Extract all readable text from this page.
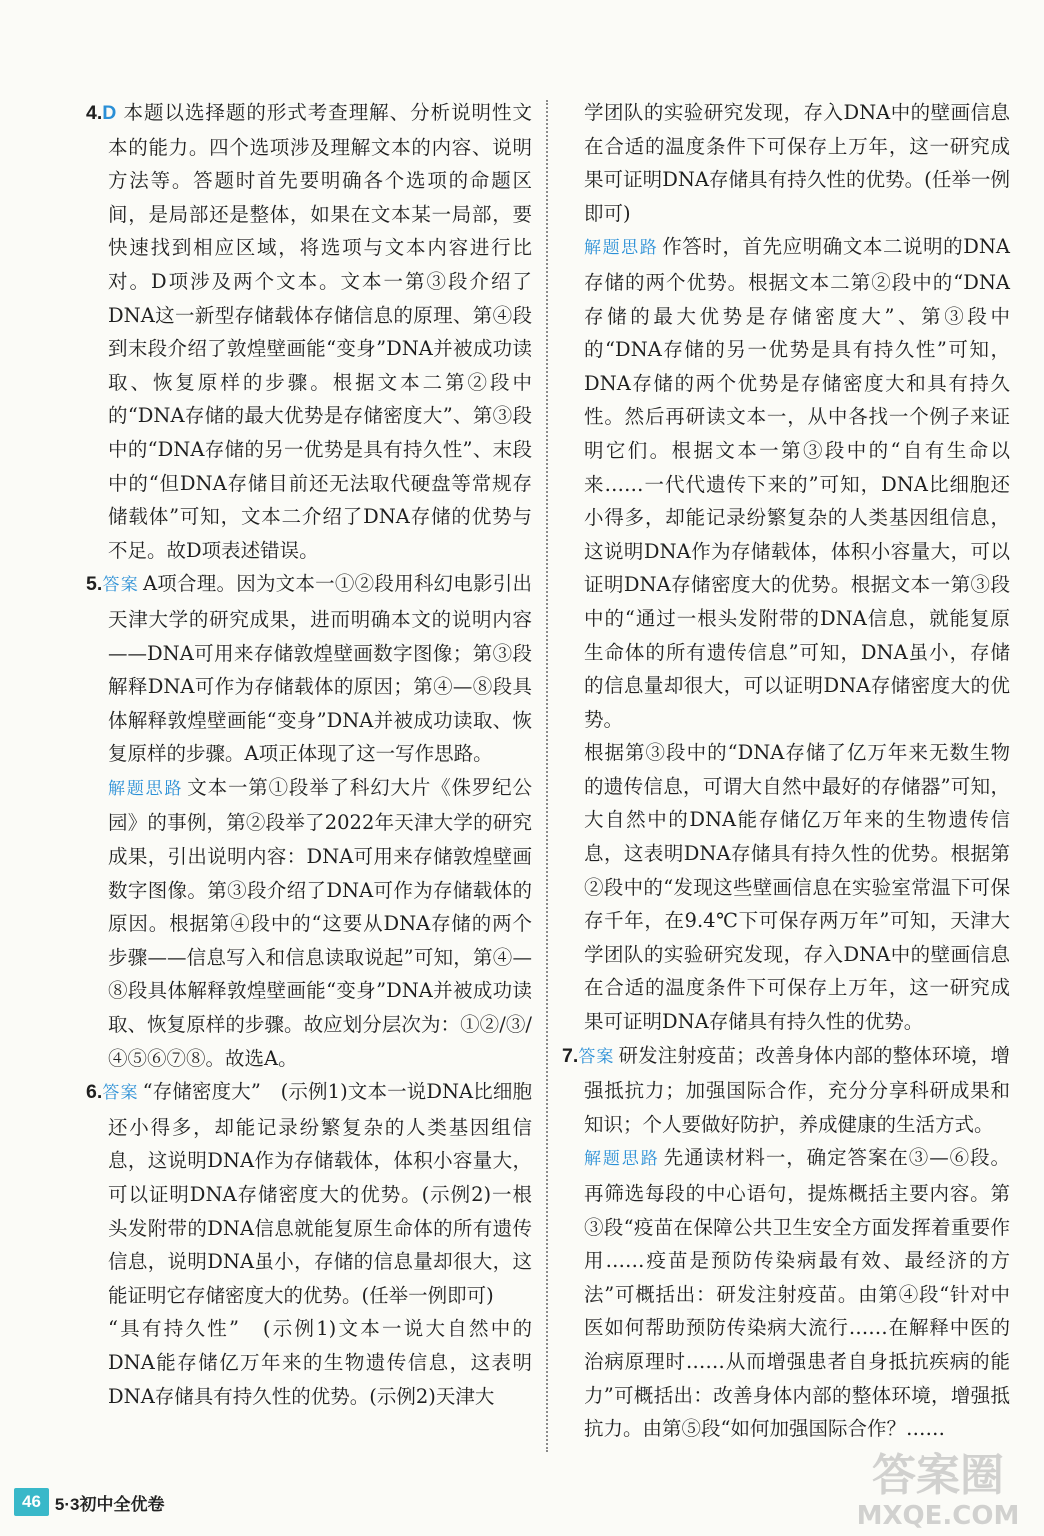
4.D 本题以选择题的形式考查理解、分析说明性文本的能力。四个选项涉及理解文本的内容、说明方法等。答题时首先要明确各个选项的命题区间，是局部还是整体，如果在文本某一局部，要快速找到相应区域，将选项与文本内容进行比对。D项涉及两个文本。文本一第③段介绍了DNA这一新型存储载体存储信息的原理、第④段到末段介绍了敦煌壁画能“变身”DNA并被成功读取、恢复原样的步骤。根据文本二第②段中的“DNA存储的最大优势是存储密度大”、第③段中的“DNA存储的另一优势是具有持久性”、末段中的“但DNA存储目前还无法取代硬盘等常规存储载体”可知，文本二介绍了DNA存储的优势与不足。故D项表述错误。

5.答案 A项合理。因为文本一①②段用科幻电影引出天津大学的研究成果，进而明确本文的说明内容——DNA可用来存储敦煌壁画数字图像；第③段解释DNA可作为存储载体的原因；第④—⑧段具体解释敦煌壁画能“变身”DNA并被成功读取、恢复原样的步骤。A项正体现了这一写作思路。

解题思路 文本一第①段举了科幻大片《侏罗纪公园》的事例，第②段举了2022年天津大学的研究成果，引出说明内容：DNA可用来存储敦煌壁画数字图像。第③段介绍了DNA可作为存储载体的原因。根据第④段中的“这要从DNA存储的两个步骤——信息写入和信息读取说起”可知，第④—⑧段具体解释敦煌壁画能“变身”DNA并被成功读取、恢复原样的步骤。故应划分层次为：①②/③/④⑤⑥⑦⑧。故选A。

6.答案 “存储密度大”　(示例1)文本一说DNA比细胞还小得多，却能记录纷繁复杂的人类基因组信息，这说明DNA作为存储载体，体积小容量大，可以证明DNA存储密度大的优势。(示例2)一根头发附带的DNA信息就能复原生命体的所有遗传信息，说明DNA虽小，存储的信息量却很大，这能证明它存储密度大的优势。(任举一例即可)

“具有持久性”　(示例1)文本一说大自然中的DNA能存储亿万年来的生物遗传信息，这表明DNA存储具有持久性的优势。(示例2)天津大

学团队的实验研究发现，存入DNA中的壁画信息在合适的温度条件下可保存上万年，这一研究成果可证明DNA存储具有持久性的优势。(任举一例即可)

解题思路 作答时，首先应明确文本二说明的DNA存储的两个优势。根据文本二第②段中的“DNA存储的最大优势是存储密度大”、第③段中的“DNA存储的另一优势是具有持久性”可知，DNA存储的两个优势是存储密度大和具有持久性。然后再研读文本一，从中各找一个例子来证明它们。根据文本一第③段中的“自有生命以来……一代代遗传下来的”可知，DNA比细胞还小得多，却能记录纷繁复杂的人类基因组信息，这说明DNA作为存储载体，体积小容量大，可以证明DNA存储密度大的优势。根据文本一第③段中的“通过一根头发附带的DNA信息，就能复原生命体的所有遗传信息”可知，DNA虽小，存储的信息量却很大，可以证明DNA存储密度大的优势。

根据第③段中的“DNA存储了亿万年来无数生物的遗传信息，可谓大自然中最好的存储器”可知，大自然中的DNA能存储亿万年来的生物遗传信息，这表明DNA存储具有持久性的优势。根据第②段中的“发现这些壁画信息在实验室常温下可保存千年，在9.4℃下可保存两万年”可知，天津大学团队的实验研究发现，存入DNA中的壁画信息在合适的温度条件下可保存上万年，这一研究成果可证明DNA存储具有持久性的优势。

7.答案 研发注射疫苗；改善身体内部的整体环境，增强抵抗力；加强国际合作，充分分享科研成果和知识；个人要做好防护，养成健康的生活方式。

解题思路 先通读材料一，确定答案在③—⑥段。再筛选每段的中心语句，提炼概括主要内容。第③段“疫苗在保障公共卫生安全方面发挥着重要作用……疫苗是预防传染病最有效、最经济的方法”可概括出：研发注射疫苗。由第④段“针对中医如何帮助预防传染病大流行……在解释中医的治病原理时……从而增强患者自身抵抗疾病的能力”可概括出：改善身体内部的整体环境，增强抵抗力。由第⑤段“如何加强国际合作？……

46 5·3初中全优卷
答案圈
MXQE.COM
